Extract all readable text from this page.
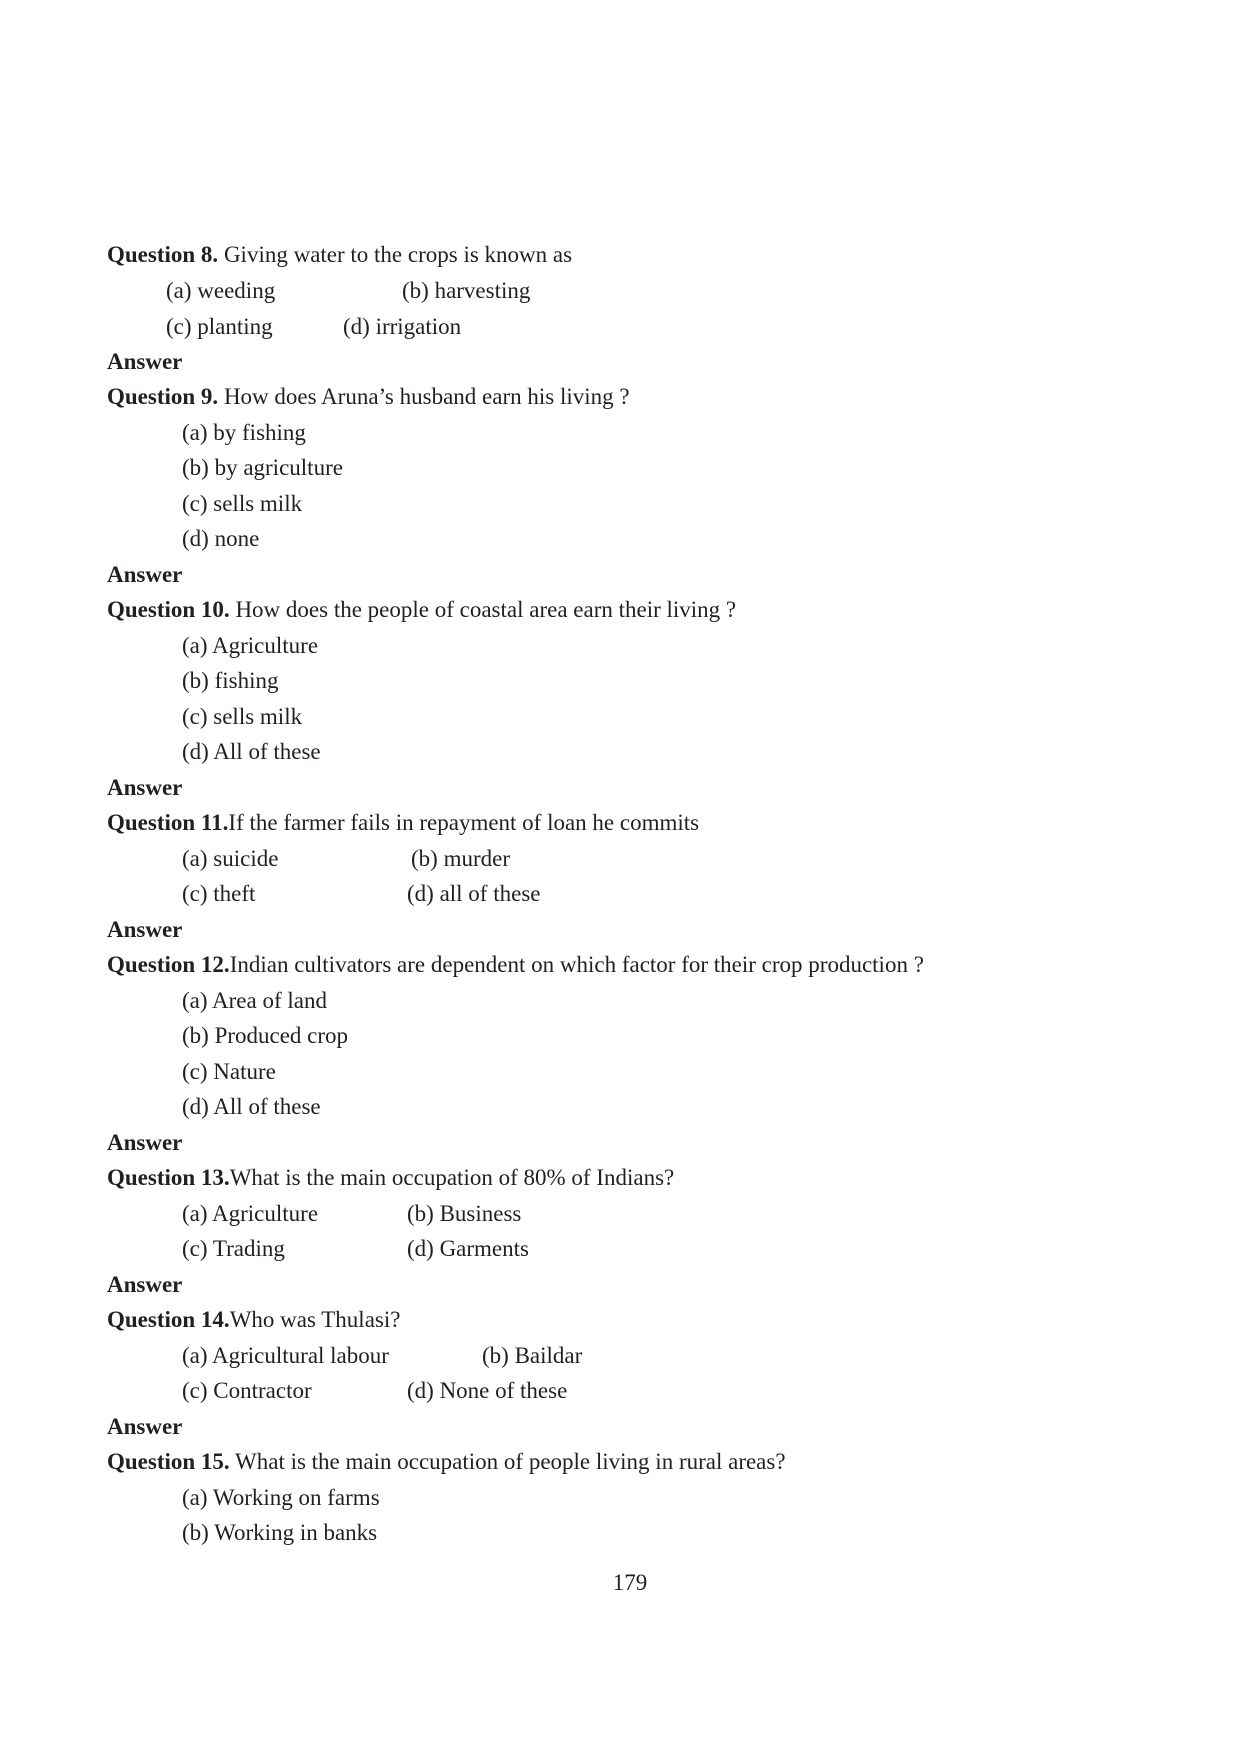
Question 8. Giving water to the crops is known as
(a) weeding	(b) harvesting
(c) planting	(d) irrigation
Answer
Question 9. How does Aruna’s husband earn his living ?
(a) by fishing
(b) by agriculture
(c) sells milk
(d) none
Answer
Question 10. How does the people of coastal area earn their living ?
(a) Agriculture
(b) fishing
(c) sells milk
(d) All of these
Answer
Question 11.If the farmer fails in repayment of loan he commits
(a) suicide	(b) murder
(c) theft	(d) all of these
Answer
Question 12.Indian cultivators are dependent on which factor for their crop production ?
(a) Area of land
(b) Produced crop
(c) Nature
(d) All of these
Answer
Question 13.What is the main occupation of 80% of Indians?
(a) Agriculture	(b) Business
(c) Trading	(d) Garments
Answer
Question 14.Who was Thulasi?
(a) Agricultural labour	(b) Baildar
(c) Contractor	(d) None of these
Answer
Question 15. What is the main occupation of people living in rural areas?
(a) Working on farms
(b) Working in banks
179
